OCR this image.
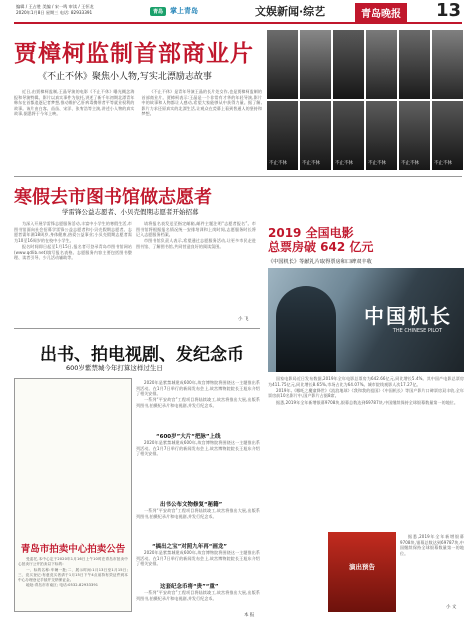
编辑 / 王占胜 美编 / 宋一鸣 审读 / 王怀龙
2020年1月8日 星期三 电话: 82933391	青岛	掌上青岛	文娱新闻·综艺	青岛晚报	13
贾樟柯监制首部商业片
《不止不休》聚焦小人物,写实北漂励志故事

近日,由贾樟柯监制,王晶导演的电影《不止不休》曝光概念海报和导演特辑。影片以真实事件为依托,讲述了新千年初期北漂青年韩东在首都追逐记者梦想,推动维护乙肝病毒携带者平等就业权利的故事。该片由白客、苗苗、宋洋、张宥浩等主演,讲述小人物的真实故事,据悉将于今年上映。

《不止不休》是青年导演王晶的长片处女作,也是贾樟柯监制的首部商业片。贾樟柯表示:王晶是一个非常有才华的年轻导演,影片中的故事和人物都让人感动,希望大家能够从中获得力量。据了解,影片力求还原真实的北漂生活,让观众在荧幕上看到普通人的坚持和梦想。

不止不休	不止不休	不止不休	不止不休	不止不休	不止不休
寒假去市图书馆做志愿者
学雷锋公益志愿者、小贝壳假期志愿者开始招募

为深入开展学雷锋志愿服务活动,丰富中小学生的寒假生活,市图书馆面向社会招募学雷锋公益志愿者和小贝壳假期志愿者。志愿者需年满18周岁,身体健康,热爱公益事业;小贝壳假期志愿者需为10至16周岁的在校中小学生。

报名时间即日起至1月15日,报名者可登录青岛市图书馆网站(www.qdlib.net)填写报名表格。志愿服务内容主要包括图书整理、读者引导、少儿活动辅助等。

请将报名表发送至指定邮箱,邮件主题注明“志愿者报名”。市图书馆将根据报名情况统一安排培训和上岗时间,志愿服务时长将记入志愿服务档案。

市图书馆负责人表示,希望通过志愿服务活动,让更多市民走进图书馆、了解图书馆,共同营造良好的阅读氛围。

小 飞
2019 全国电影
总票房破 642 亿元
《中国机长》等献礼片取得票房和口碑双丰收
中国机长
THE CHINESE PILOT

国家电影局近日发布数据,2019年全年电影总票房为642.66亿元,同比增长5.4%。其中国产电影总票房为411.75亿元,同比增长8.65%,市场占比为64.07%。城市院线观影人次17.27亿。

2019年,《哪吒之魔童降世》《流浪地球》《我和我的祖国》《中国机长》等国产影片口碑票房双丰收,全年票房前10名影片中,国产影片占据8席。

据悉,2019年全年新增银幕9708块,银幕总数达到69787块,中国继续保持全球银幕数量第一的地位。

演出预告

据悉,2019年全年新增银幕9708块,银幕总数达到69787块,中国继续保持全球银幕数量第一的地位。

小 文
出书、拍电视剧、发纪念币
600岁紫禁城今年打算这样过生日
青岛市拍卖中心拍卖公告

受委托,本中心定于2020年1月16日上午10时在青岛市拍卖中心拍卖厅公开拍卖以下标的:

一、标的名称:车辆一批;二、展示时间:1月13日至1月15日;三、竞买登记:有意竞买者请于1月15日下午4点前持有效证件到本中心办理登记手续并交纳保证金。

地址:青岛市市南区; 电话:0532-82933391

2020年是紫禁城建成600年,故宫博物院将围绕这一主题推出系列活动。在1月7日举行的新闻发布会上,故宫博物院院长王旭东介绍了相关安排。

一系列“平安故宫”工程项目将陆续竣工,故宫将推出大展,出版系列图书,拍摄纪录片和电视剧,并发行纪念币。

“600岁”大片“把脉”上线

2020年是紫禁城建成600年,故宫博物院将围绕这一主题推出系列活动。在1月7日举行的新闻发布会上,故宫博物院院长王旭东介绍了相关安排。

出书公布文物修复“秘籍”

一系列“平安故宫”工程项目将陆续竣工,故宫将推出大展,出版系列图书,拍摄纪录片和电视剧,并发行纪念币。

“搞出之宝”对照九年再“画龙”

2020年是紫禁城建成600年,故宫博物院将围绕这一主题推出系列活动。在1月7日举行的新闻发布会上,故宫博物院院长王旭东介绍了相关安排。

这套纪念币将“贵”“重”

一系列“平安故宫”工程项目将陆续竣工,故宫将推出大展,出版系列图书,拍摄纪录片和电视剧,并发行纪念币。

本 报
